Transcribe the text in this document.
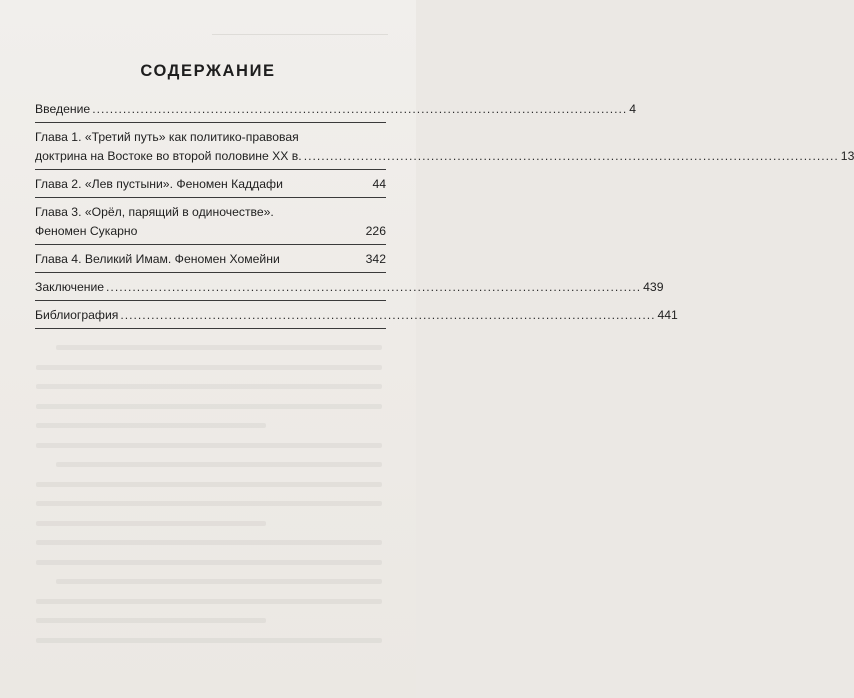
СОДЕРЖАНИЕ
Введение .......................................................................................................................... 4
Глава 1. «Третий путь» как политико-правовая
доктрина на Востоке во второй половине XX в. .......................................................................................................................... 13
Глава 2. «Лев пустыни». Феномен Каддафи	44
Глава 3. «Орёл, парящий в одиночестве».
Феномен Сукарно	226
Глава 4. Великий Имам. Феномен Хомейни	342
Заключение .......................................................................................................................... 439
Библиография .......................................................................................................................... 441
